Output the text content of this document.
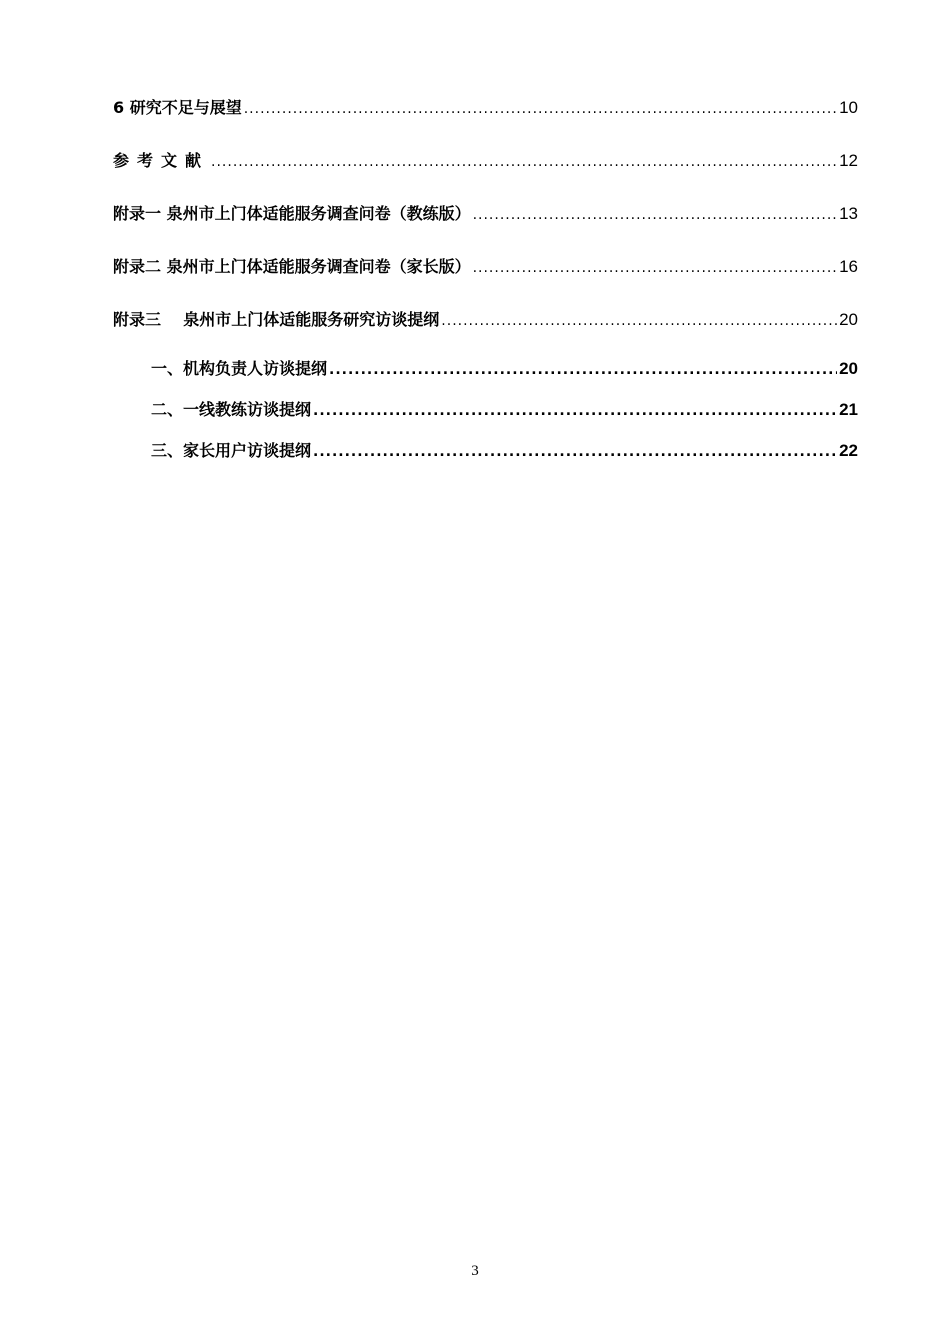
6 研究不足与展望 .....	10
参考文献 .....	12
附录一 泉州市上门体适能服务调查问卷（教练版） .....	13
附录二 泉州市上门体适能服务调查问卷（家长版） .....	16
附录三    泉州市上门体适能服务研究访谈提纲 .....	20
一、机构负责人访谈提纲 .....	20
二、一线教练访谈提纲 .....	21
三、家长用户访谈提纲 .....	22
3
